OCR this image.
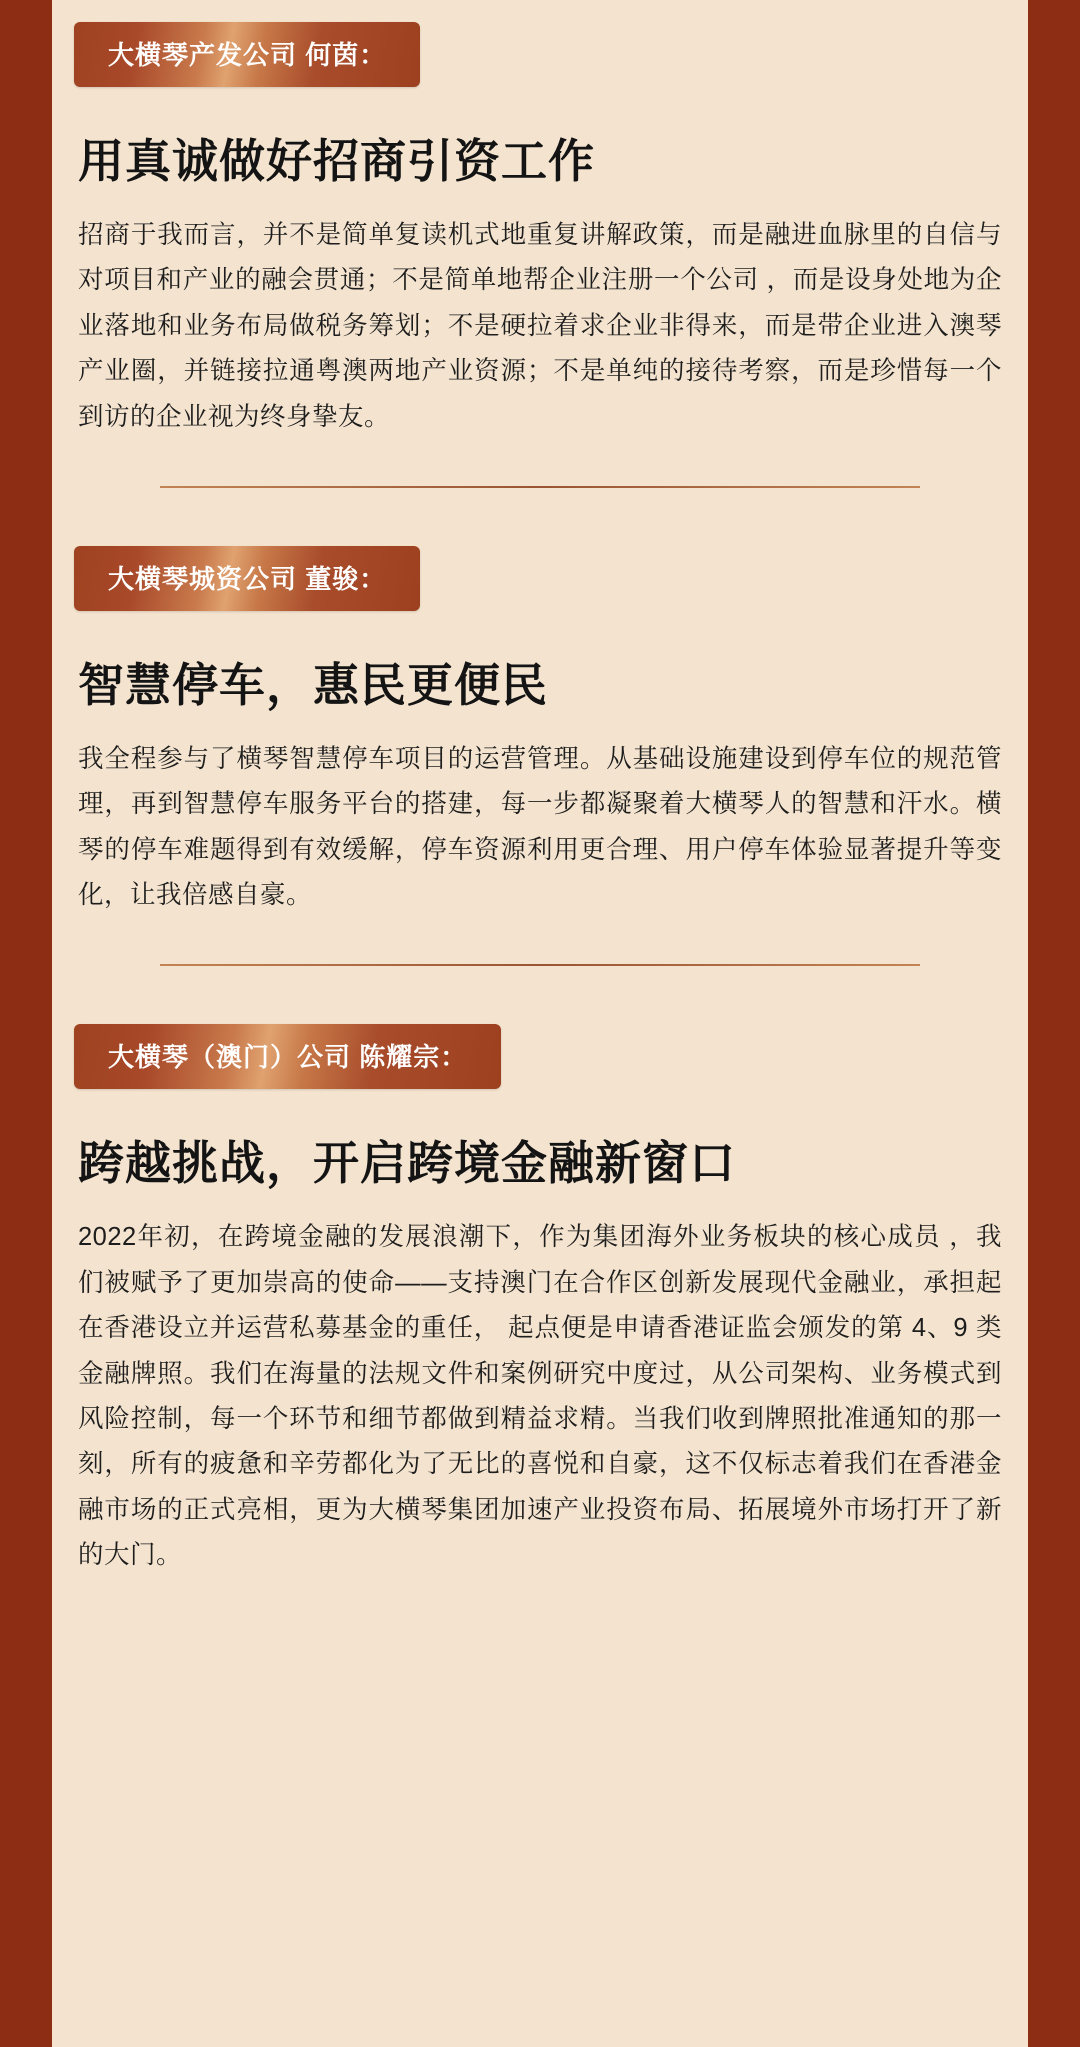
大横琴产发公司 何茵：
用真诚做好招商引资工作

招商于我而言，并不是简单复读机式地重复讲解政策，而是融进血脉里的自信与对项目和产业的融会贯通；不是简单地帮企业注册一个公司 ，而是设身处地为企业落地和业务布局做税务筹划；不是硬拉着求企业非得来，而是带企业进入澳琴产业圈，并链接拉通粤澳两地产业资源；不是单纯的接待考察，而是珍惜每一个到访的企业视为终身挚友。

大横琴城资公司 董骏：
智慧停车，惠民更便民

我全程参与了横琴智慧停车项目的运营管理。从基础设施建设到停车位的规范管理，再到智慧停车服务平台的搭建，每一步都凝聚着大横琴人的智慧和汗水。横琴的停车难题得到有效缓解，停车资源利用更合理、用户停车体验显著提升等变化，让我倍感自豪。

大横琴（澳门）公司 陈耀宗：
跨越挑战，开启跨境金融新窗口

2022年初，在跨境金融的发展浪潮下，作为集团海外业务板块的核心成员 ，我们被赋予了更加崇高的使命——支持澳门在合作区创新发展现代金融业，承担起在香港设立并运营私募基金的重任， 起点便是申请香港证监会颁发的第 4、9 类金融牌照。我们在海量的法规文件和案例研究中度过，从公司架构、业务模式到风险控制，每一个环节和细节都做到精益求精。当我们收到牌照批准通知的那一刻，所有的疲惫和辛劳都化为了无比的喜悦和自豪，这不仅标志着我们在香港金融市场的正式亮相，更为大横琴集团加速产业投资布局、拓展境外市场打开了新的大门。
